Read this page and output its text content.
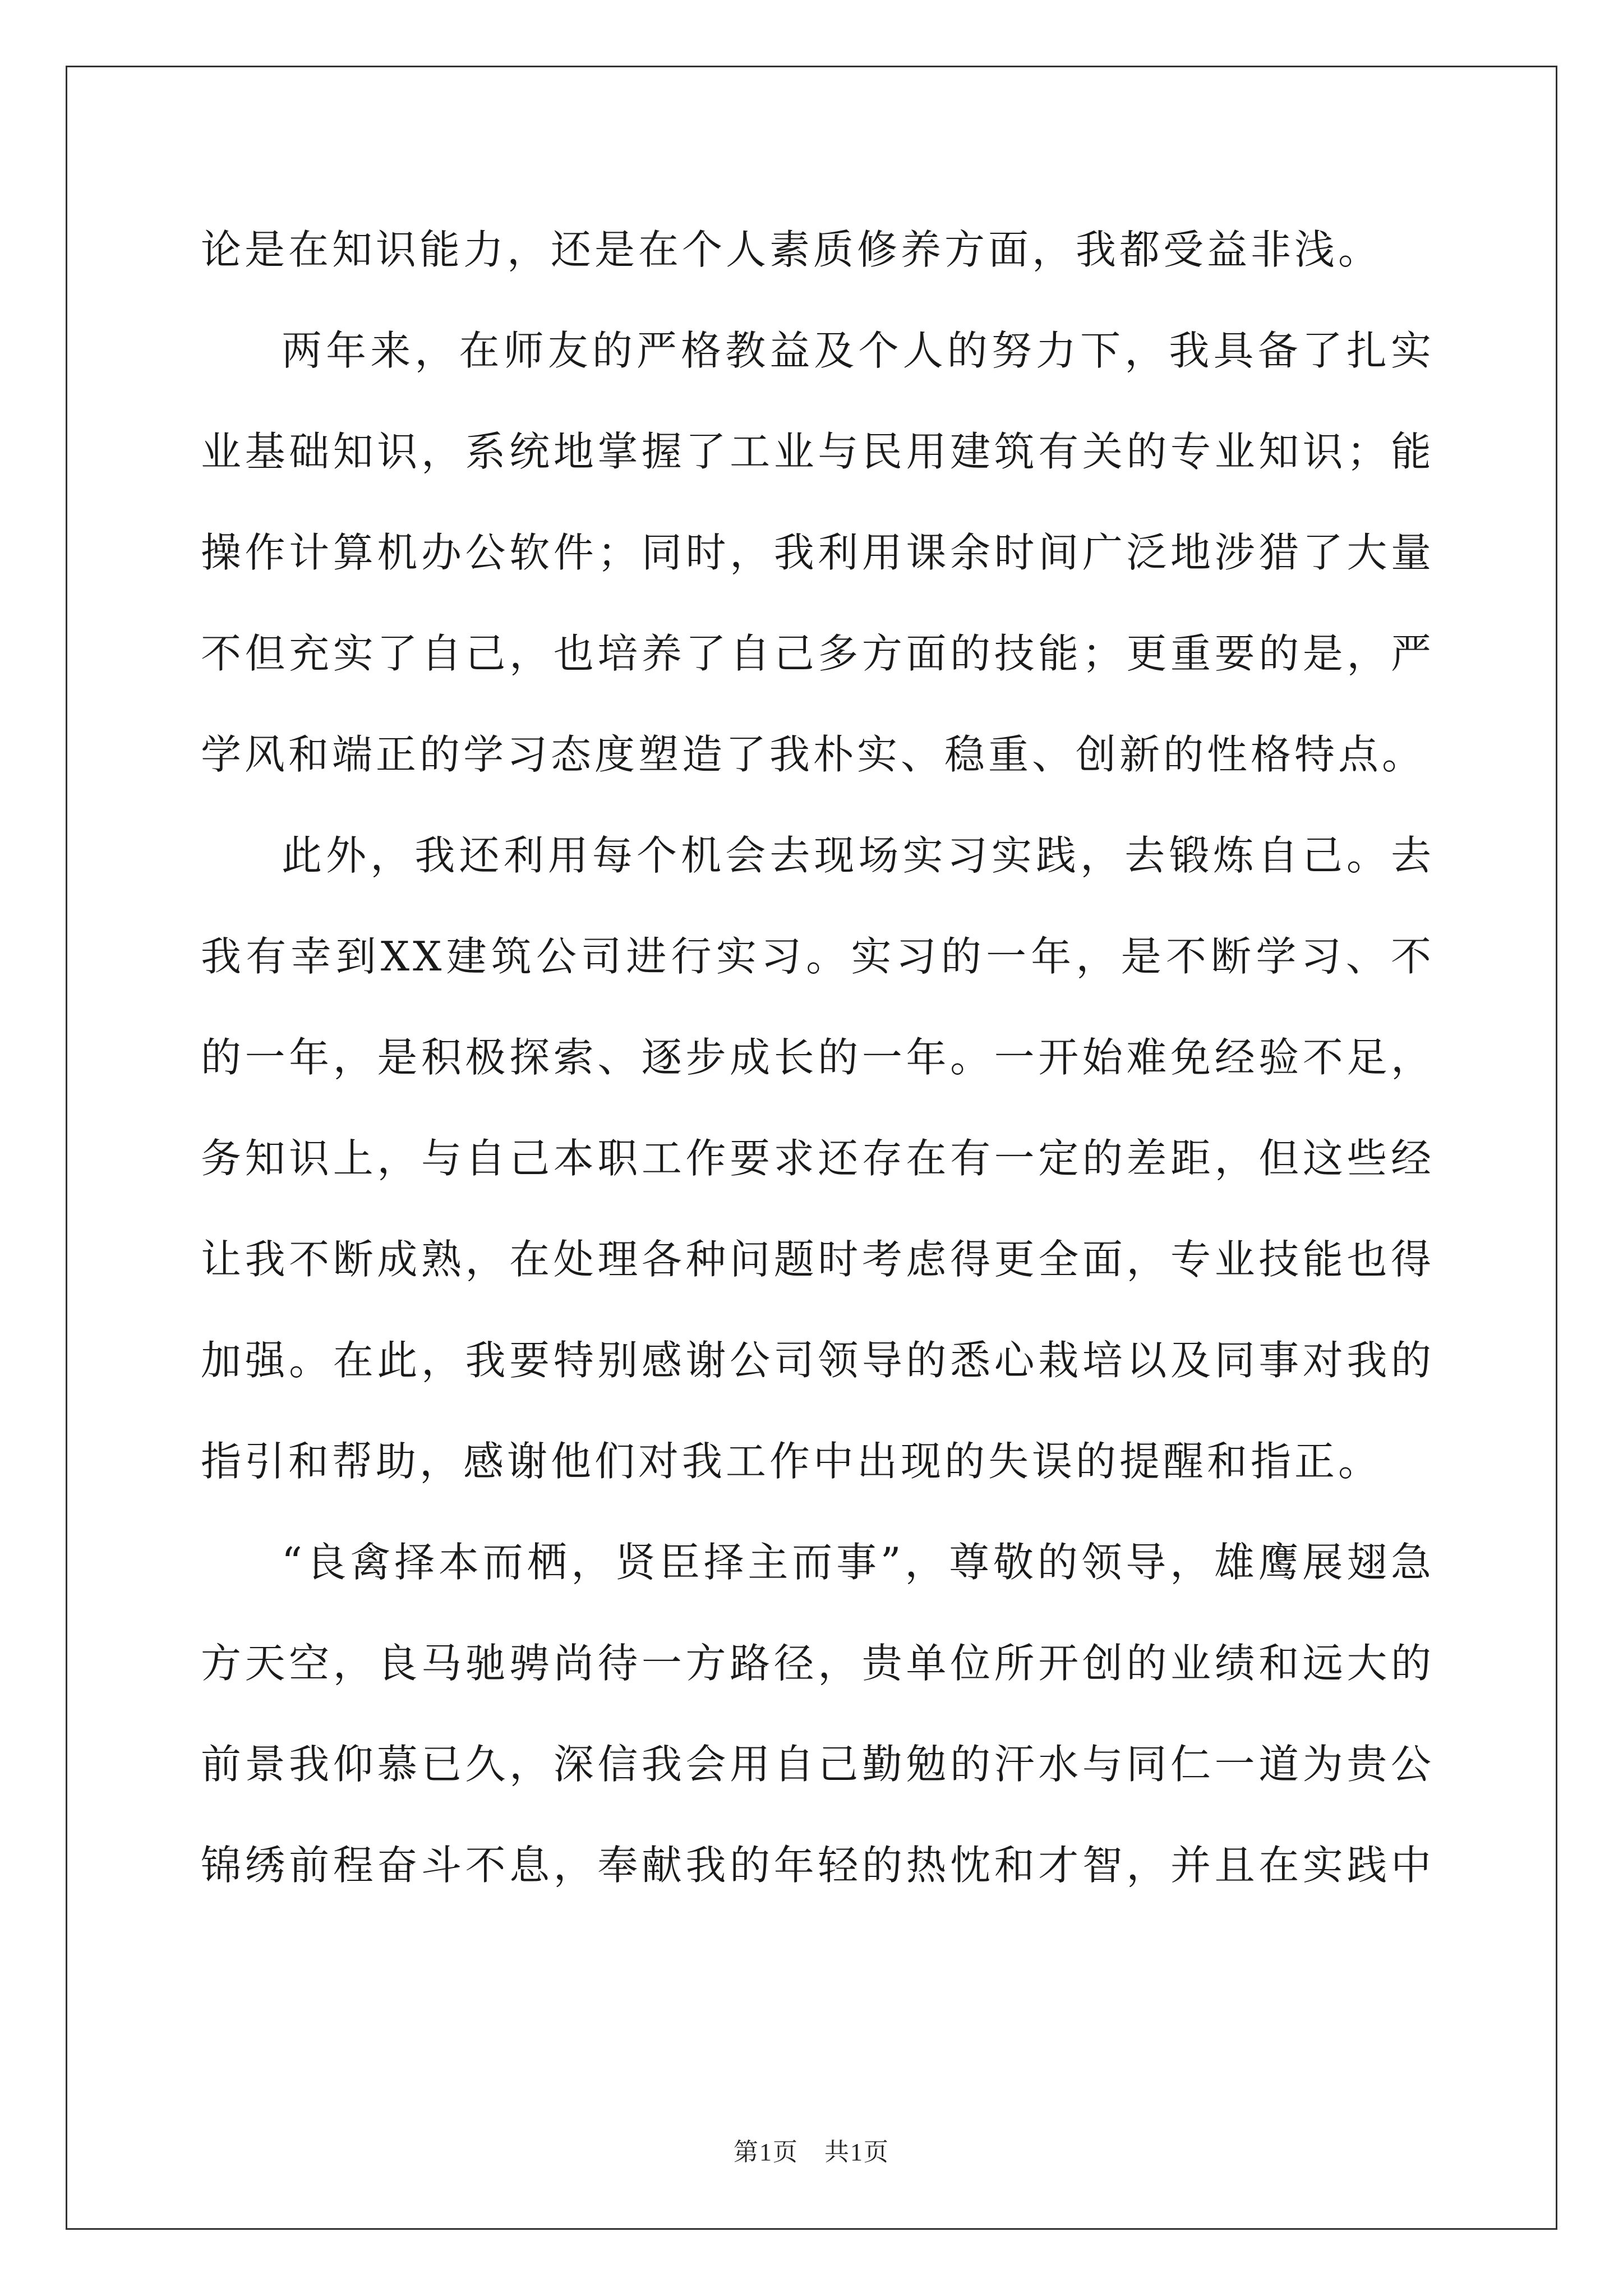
论是在知识能力，还是在个人素质修养方面，我都受益非浅。
两年来，在师友的严格教益及个人的努力下，我具备了扎实
业基础知识，系统地掌握了工业与民用建筑有关的专业知识；能
操作计算机办公软件；同时，我利用课余时间广泛地涉猎了大量
不但充实了自己，也培养了自己多方面的技能；更重要的是，严
学风和端正的学习态度塑造了我朴实、稳重、创新的性格特点。
此外，我还利用每个机会去现场实习实践，去锻炼自己。去
我有幸到XX建筑公司进行实习。实习的一年，是不断学习、不
的一年，是积极探索、逐步成长的一年。一开始难免经验不足，
务知识上，与自己本职工作要求还存在有一定的差距，但这些经
让我不断成熟，在处理各种问题时考虑得更全面，专业技能也得
加强。在此，我要特别感谢公司领导的悉心栽培以及同事对我的
指引和帮助，感谢他们对我工作中出现的失误的提醒和指正。
“良禽择本而栖，贤臣择主而事”，尊敬的领导，雄鹰展翅急
方天空，良马驰骋尚待一方路径，贵单位所开创的业绩和远大的
前景我仰慕已久，深信我会用自己勤勉的汗水与同仁一道为贵公
锦绣前程奋斗不息，奉献我的年轻的热忱和才智，并且在实践中
第1页　共1页
